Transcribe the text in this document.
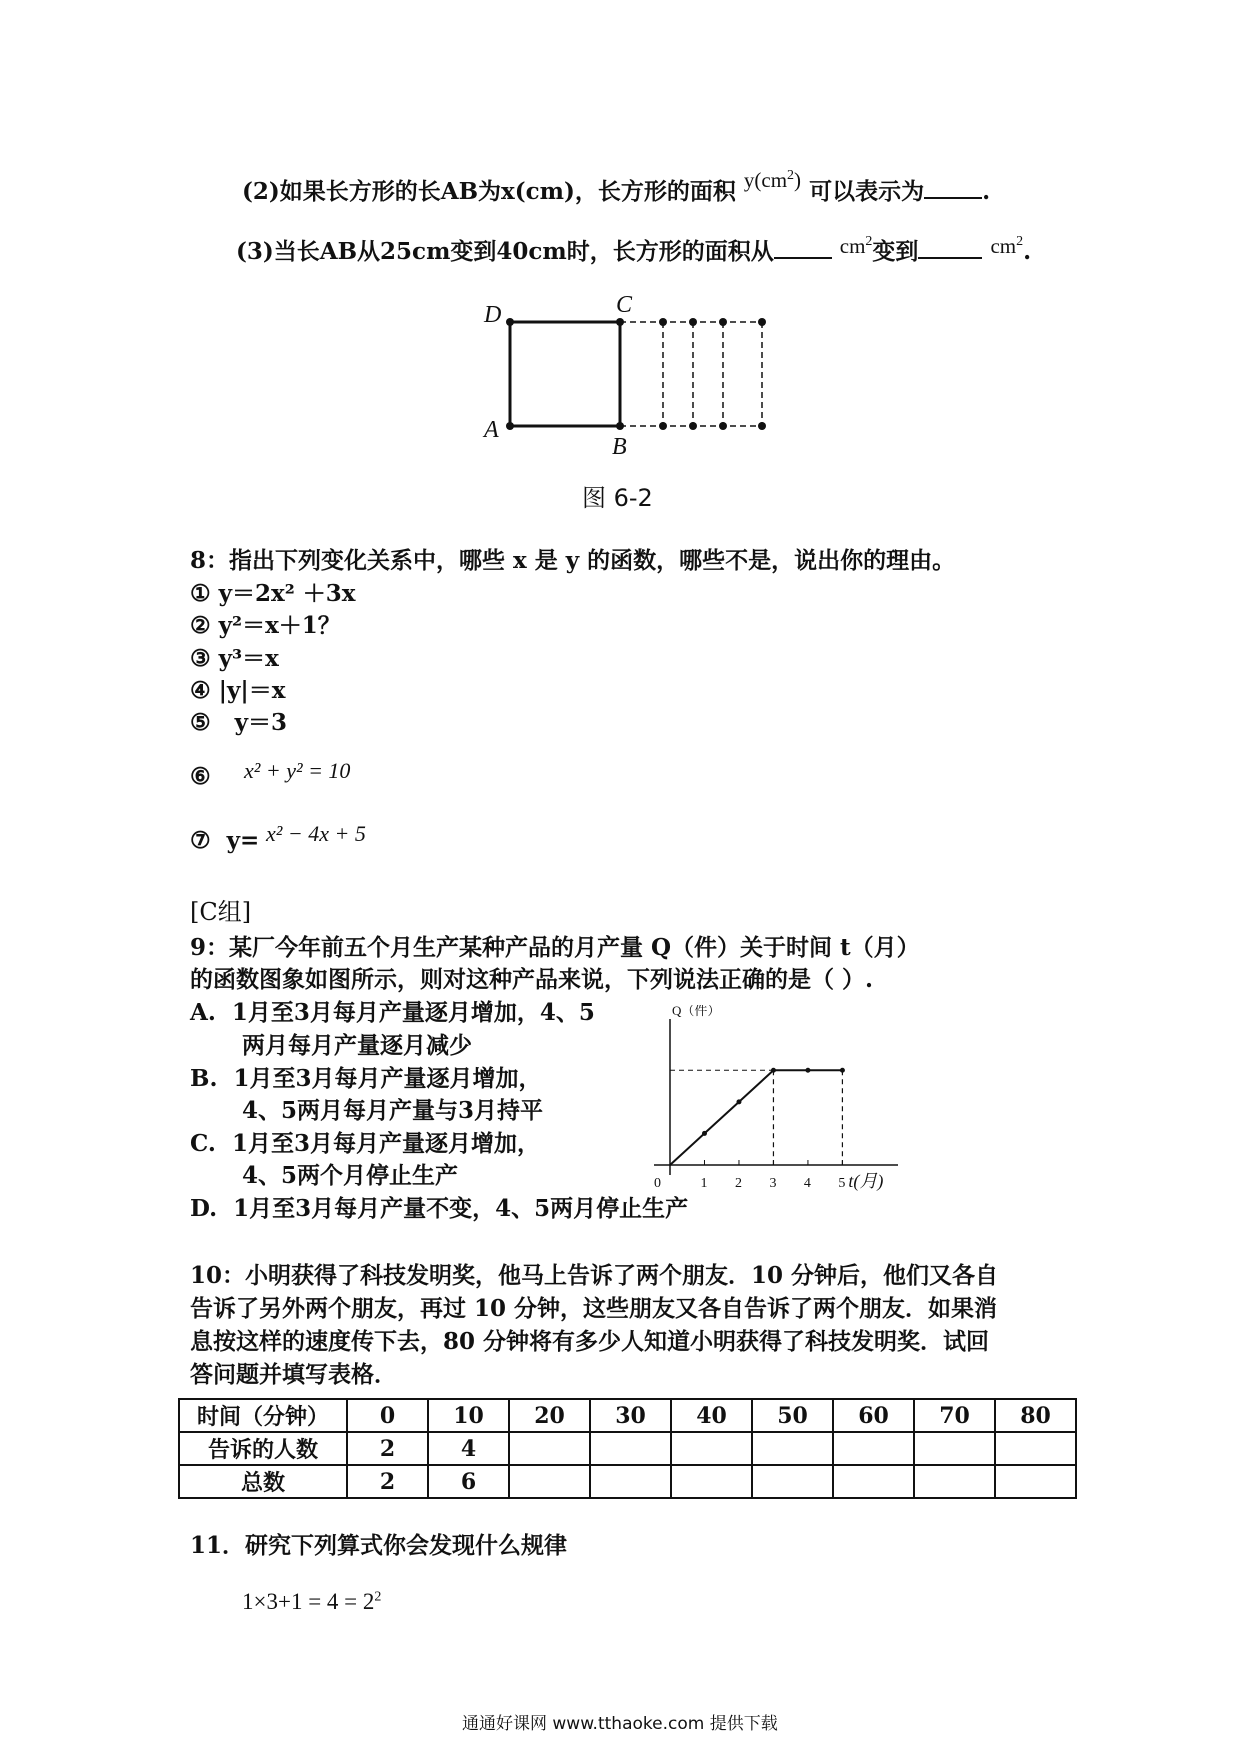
(2)如果长方形的长AB为x(cm)，长方形的面积 $y(cm^2)$ 可以表示为	.
(3)当长AB从25cm变到40cm时，长方形的面积从	$cm^2$变到	$cm^2$.
D	C
A
B
图 6-2
8：指出下列变化关系中，哪些 x 是 y 的函数，哪些不是，说出你的理由。
① y＝2x² ＋3x
② y²＝x＋1？
③ y³＝x
④ |y|＝x
⑤ y＝3
⑥ x² + y² = 10
⑦ y= x² − 4x + 5
[C组]
9：某厂今年前五个月生产某种产品的月产量 Q（件）关于时间 t（月）
的函数图象如图所示，则对这种产品来说，下列说法正确的是（ ）.
A. 1月至3月每月产量逐月增加，4、5
两月每月产量逐月减少
B. 1月至3月每月产量逐月增加，
4、5两月每月产量与3月持平
C. 1月至3月每月产量逐月增加，
4、5两个月停止生产
D. 1月至3月每月产量不变，4、5两月停止生产
0	1 2 3 4 5 t(月)
Q（件）
10：小明获得了科技发明奖，他马上告诉了两个朋友．10 分钟后，他们又各自
告诉了另外两个朋友，再过 10 分钟，这些朋友又各自告诉了两个朋友．如果消
息按这样的速度传下去，80 分钟将有多少人知道小明获得了科技发明奖．试回
答问题并填写表格．
时间（分钟）	0	10	20	30	40	50	60	70	80
告诉的人数	2	4							
总数	2	6							
11．研究下列算式你会发现什么规律
$1\times 3+1 = 4 = 2^2$
通通好课网 www.tthaoke.com 提供下载
